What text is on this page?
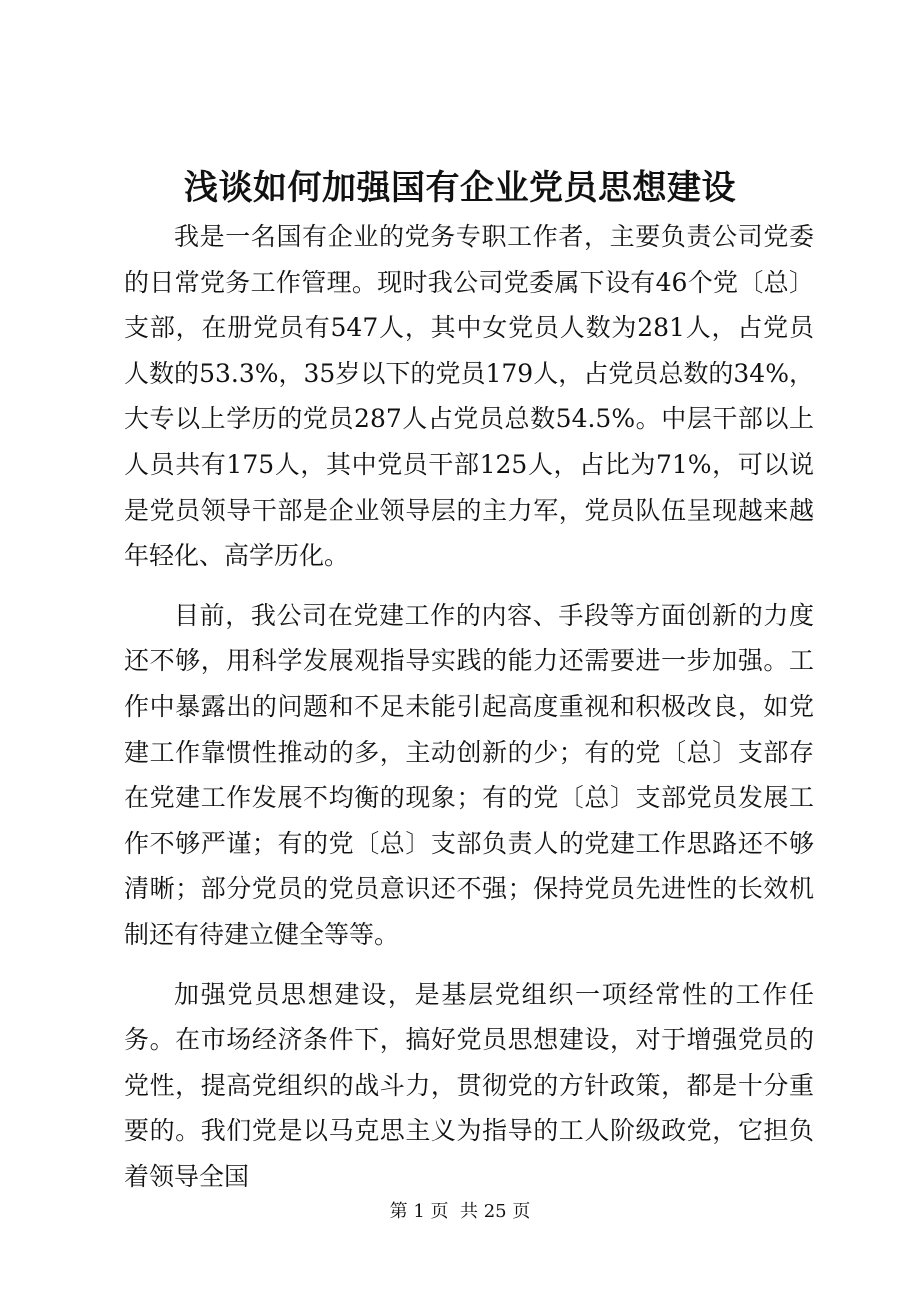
浅谈如何加强国有企业党员思想建设

我是一名国有企业的党务专职工作者，主要负责公司党委的日常党务工作管理。现时我公司党委属下设有46个党〔总〕支部，在册党员有547人，其中女党员人数为281人，占党员人数的53.3%，35岁以下的党员179人，占党员总数的34%，大专以上学历的党员287人占党员总数54.5%。中层干部以上人员共有175人，其中党员干部125人，占比为71%，可以说是党员领导干部是企业领导层的主力军，党员队伍呈现越来越年轻化、高学历化。

目前，我公司在党建工作的内容、手段等方面创新的力度还不够，用科学发展观指导实践的能力还需要进一步加强。工作中暴露出的问题和不足未能引起高度重视和积极改良，如党建工作靠惯性推动的多，主动创新的少；有的党〔总〕支部存在党建工作发展不均衡的现象；有的党〔总〕支部党员发展工作不够严谨；有的党〔总〕支部负责人的党建工作思路还不够清晰；部分党员的党员意识还不强；保持党员先进性的长效机制还有待建立健全等等。

加强党员思想建设，是基层党组织一项经常性的工作任务。在市场经济条件下，搞好党员思想建设，对于增强党员的党性，提高党组织的战斗力，贯彻党的方针政策，都是十分重要的。我们党是以马克思主义为指导的工人阶级政党，它担负着领导全国

第 1 页  共 25 页
